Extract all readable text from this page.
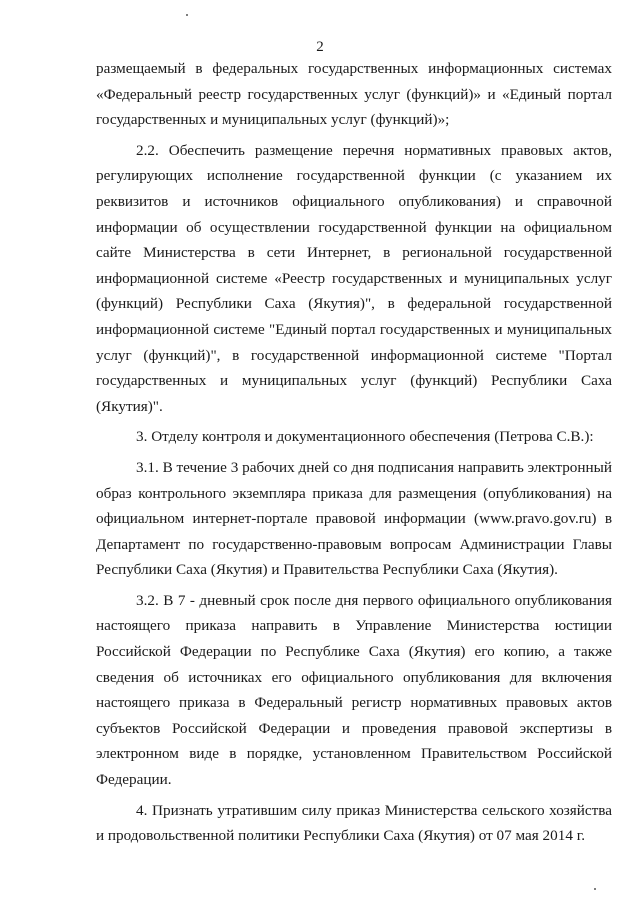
2

размещаемый в федеральных государственных информационных системах «Федеральный реестр государственных услуг (функций)» и «Единый портал государственных и муниципальных услуг (функций)»;

2.2. Обеспечить размещение перечня нормативных правовых актов, регулирующих исполнение государственной функции (с указанием их реквизитов и источников официального опубликования) и справочной информации об осуществлении государственной функции на официальном сайте Министерства в сети Интернет, в региональной государственной информационной системе «Реестр государственных и муниципальных услуг (функций) Республики Саха (Якутия)", в федеральной государственной информационной системе "Единый портал государственных и муниципальных услуг (функций)", в государственной информационной системе "Портал государственных и муниципальных услуг (функций) Республики Саха (Якутия)".

3. Отделу контроля и документационного обеспечения (Петрова С.В.):

3.1. В течение 3 рабочих дней со дня подписания направить электронный образ контрольного экземпляра приказа для размещения (опубликования) на официальном интернет-портале правовой информации (www.pravo.gov.ru) в Департамент по государственно-правовым вопросам Администрации Главы Республики Саха (Якутия) и Правительства Республики Саха (Якутия).

3.2. В 7 - дневный срок после дня первого официального опубликования настоящего приказа направить в Управление Министерства юстиции Российской Федерации по Республике Саха (Якутия) его копию, а также сведения об источниках его официального опубликования для включения настоящего приказа в Федеральный регистр нормативных правовых актов субъектов Российской Федерации и проведения правовой экспертизы в электронном виде в порядке, установленном Правительством Российской Федерации.

4. Признать утратившим силу приказ Министерства сельского хозяйства и продовольственной политики Республики Саха (Якутия) от 07 мая 2014 г.
